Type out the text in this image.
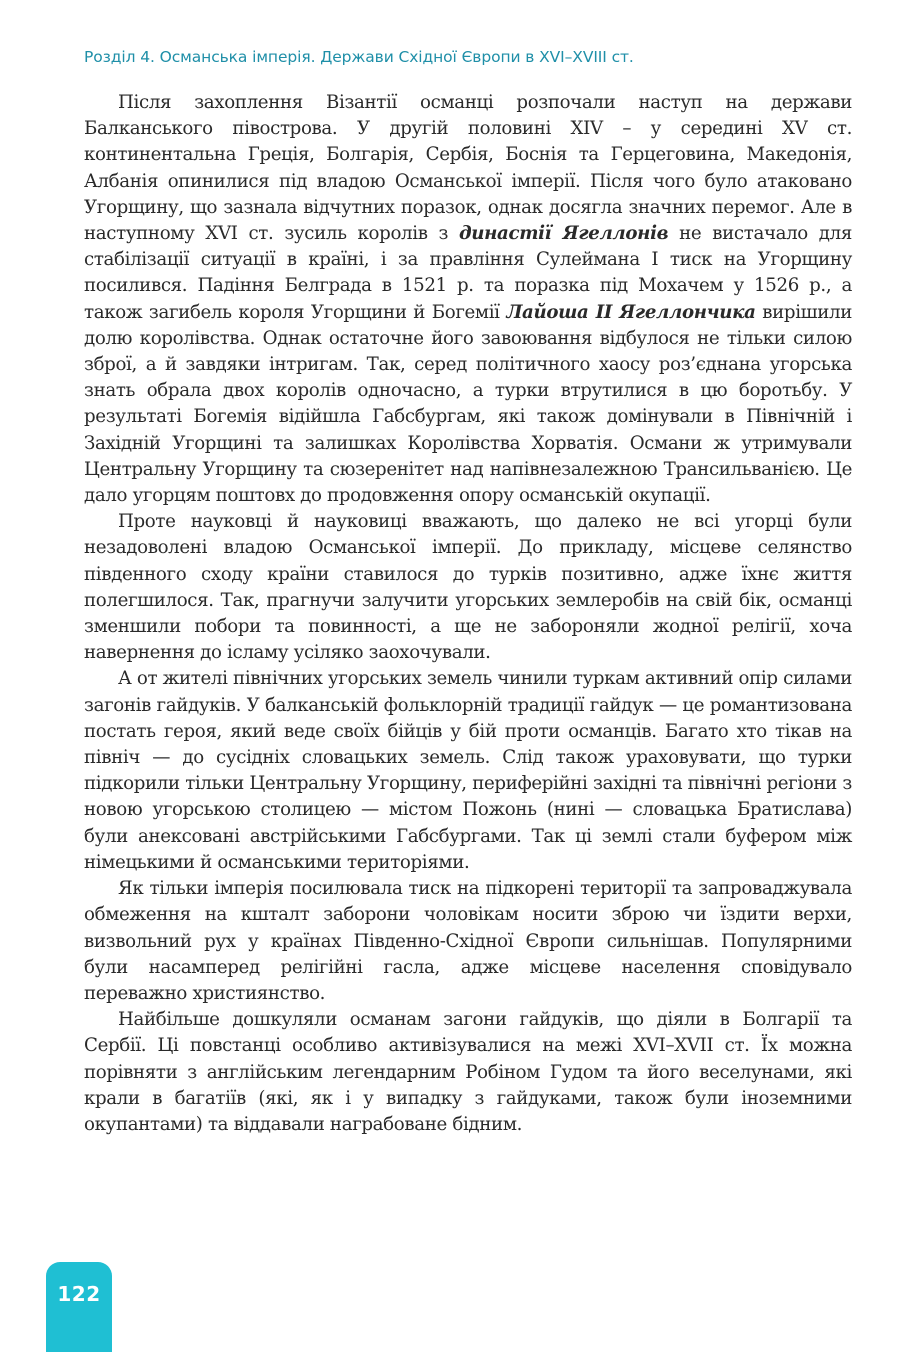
Розділ 4. Османська імперія. Держави Східної Європи в XVI–XVIII ст.

Після захоплення Візантії османці розпочали наступ на держави Балканського півострова. У другій половині XIV – у середині XV ст. континентальна Греція, Болгарія, Сербія, Боснія та Герцеговина, Македонія, Албанія опинилися під владою Османської імперії. Після чого було атаковано Угорщину, що зазнала відчутних поразок, однак досягла значних перемог. Але в наступному XVI ст. зусиль королів з династії Ягеллонів не вистачало для стабілізації ситуації в країні, і за правління Сулеймана І тиск на Угорщину посилився. Падіння Белграда в 1521 р. та поразка під Мохачем у 1526 р., а також загибель короля Угорщини й Богемії Лайоша ІІ Ягеллончика вирішили долю королівства. Однак остаточне його завоювання відбулося не тільки силою зброї, а й завдяки інтригам. Так, серед політичного хаосу роз’єднана угорська знать обрала двох королів одночасно, а турки втрутилися в цю боротьбу. У результаті Богемія відійшла Габсбургам, які також домінували в Північній і Західній Угорщині та залишках Королівства Хорватія. Османи ж утримували Центральну Угорщину та сюзеренітет над напівнезалежною Трансильванією. Це дало угорцям поштовх до продовження опору османській окупації.

Проте науковці й науковиці вважають, що далеко не всі угорці були незадоволені владою Османської імперії. До прикладу, місцеве селянство південного сходу країни ставилося до турків позитивно, адже їхнє життя полегшилося. Так, прагнучи залучити угорських землеробів на свій бік, османці зменшили побори та повинності, а ще не забороняли жодної релігії, хоча навернення до ісламу усіляко заохочували.

А от жителі північних угорських земель чинили туркам активний опір силами загонів гайдуків. У балканській фольклорній традиції гайдук — це романтизована постать героя, який веде своїх бійців у бій проти османців. Багато хто тікав на північ — до сусідніх словацьких земель. Слід також ураховувати, що турки підкорили тільки Центральну Угорщину, периферійні західні та північні регіони з новою угорською столицею — містом Пожонь (нині — словацька Братислава) були анексовані австрійськими Габсбургами. Так ці землі стали буфером між німецькими й османськими територіями.

Як тільки імперія посилювала тиск на підкорені території та запроваджувала обмеження на кшталт заборони чоловікам носити зброю чи їздити верхи, визвольний рух у країнах Південно-Східної Європи сильнішав. Популярними були насамперед релігійні гасла, адже місцеве населення сповідувало переважно християнство.

Найбільше дошкуляли османам загони гайдуків, що діяли в Болгарії та Сербії. Ці повстанці особливо активізувалися на межі XVI–XVII ст. Їх можна порівняти з англійським легендарним Робіном Гудом та його веселунами, які крали в багатіїв (які, як і у випадку з гайдуками, також були іноземними окупантами) та віддавали награбоване бідним.

122
